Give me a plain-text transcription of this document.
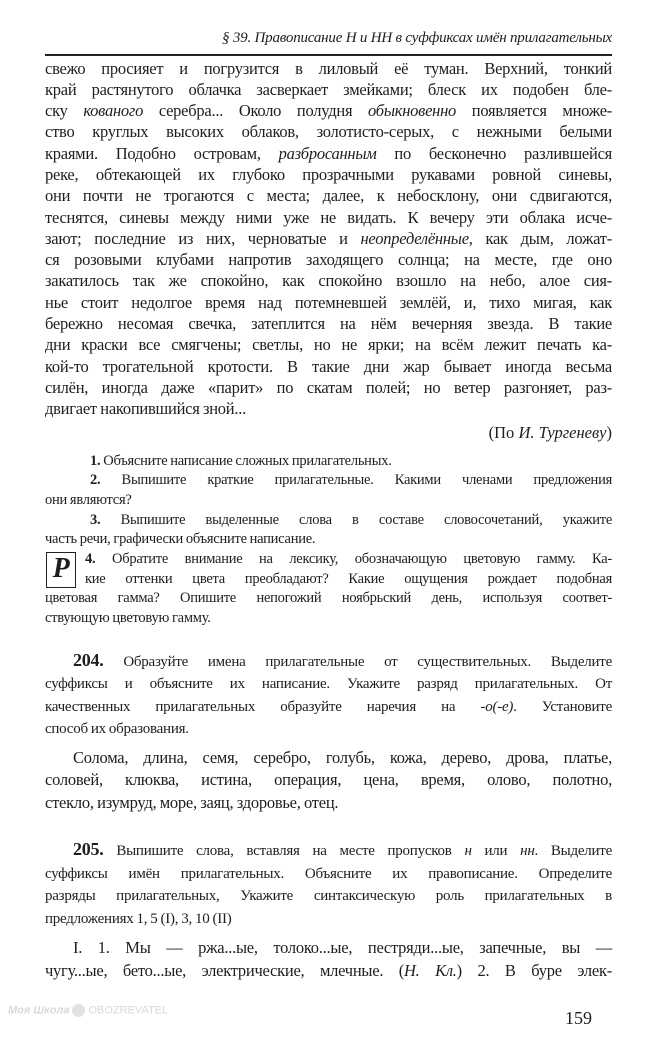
§ 39. Правописание Н и НН в суффиксах имён прилагательных
свежо просияет и погрузится в лиловый её туман. Верхний, тонкий
край растянутого облачка засверкает змейками; блеск их подобен бле-
ску кованого серебра... Около полудня обыкновенно появляется множе-
ство круглых высоких облаков, золотисто-серых, с нежными белыми
краями. Подобно островам, разбросанным по бесконечно разлившейся
реке, обтекающей их глубоко прозрачными рукавами ровной синевы,
они почти не трогаются с места; далее, к небосклону, они сдвигаются,
теснятся, синевы между ними уже не видать. К вечеру эти облака исче-
зают; последние из них, черноватые и неопределённые, как дым, ложат-
ся розовыми клубами напротив заходящего солнца; на месте, где оно
закатилось так же спокойно, как спокойно взошло на небо, алое сия-
нье стоит недолгое время над потемневшей землёй, и, тихо мигая, как
бережно несомая свечка, затеплится на нём вечерняя звезда. В такие
дни краски все смягчены; светлы, но не ярки; на всём лежит печать ка-
кой-то трогательной кротости. В такие дни жар бывает иногда весьма
силён, иногда даже «парит» по скатам полей; но ветер разгоняет, раз-
двигает накопившийся зной...
(По И. Тургеневу)
1. Объясните написание сложных прилагательных.
2. Выпишите краткие прилагательные. Какими членами предложения
они являются?
3. Выпишите выделенные слова в составе словосочетаний, укажите
часть речи, графически объясните написание.
4. Обратите внимание на лексику, обозначающую цветовую гамму. Ка-
кие оттенки цвета преобладают? Какие ощущения рождает подобная
цветовая гамма? Опишите непогожий ноябрьский день, используя соответ-
ствующую цветовую гамму.
Р
204. Образуйте имена прилагательные от существительных. Выделите
суффиксы и объясните их написание. Укажите разряд прилагательных. От
качественных прилагательных образуйте наречия на -о(-е). Установите
способ их образования.
Солома, длина, семя, серебро, голубь, кожа, дерево, дрова, платье,
соловей, клюква, истина, операция, цена, время, олово, полотно,
стекло, изумруд, море, заяц, здоровье, отец.
205. Выпишите слова, вставляя на месте пропусков н или нн. Выделите
суффиксы имён прилагательных. Объясните их правописание. Определите
разряды прилагательных, Укажите синтаксическую роль прилагательных в
предложениях 1, 5 (I), 3, 10 (II)
I. 1. Мы — ржа...ые, толоко...ые, пестряди...ые, запечные, вы —
чугу...ые, бето...ые, электрические, млечные. (Н. Кл.) 2. В буре элек-
159
Моя Школа OBOZREVATEL
